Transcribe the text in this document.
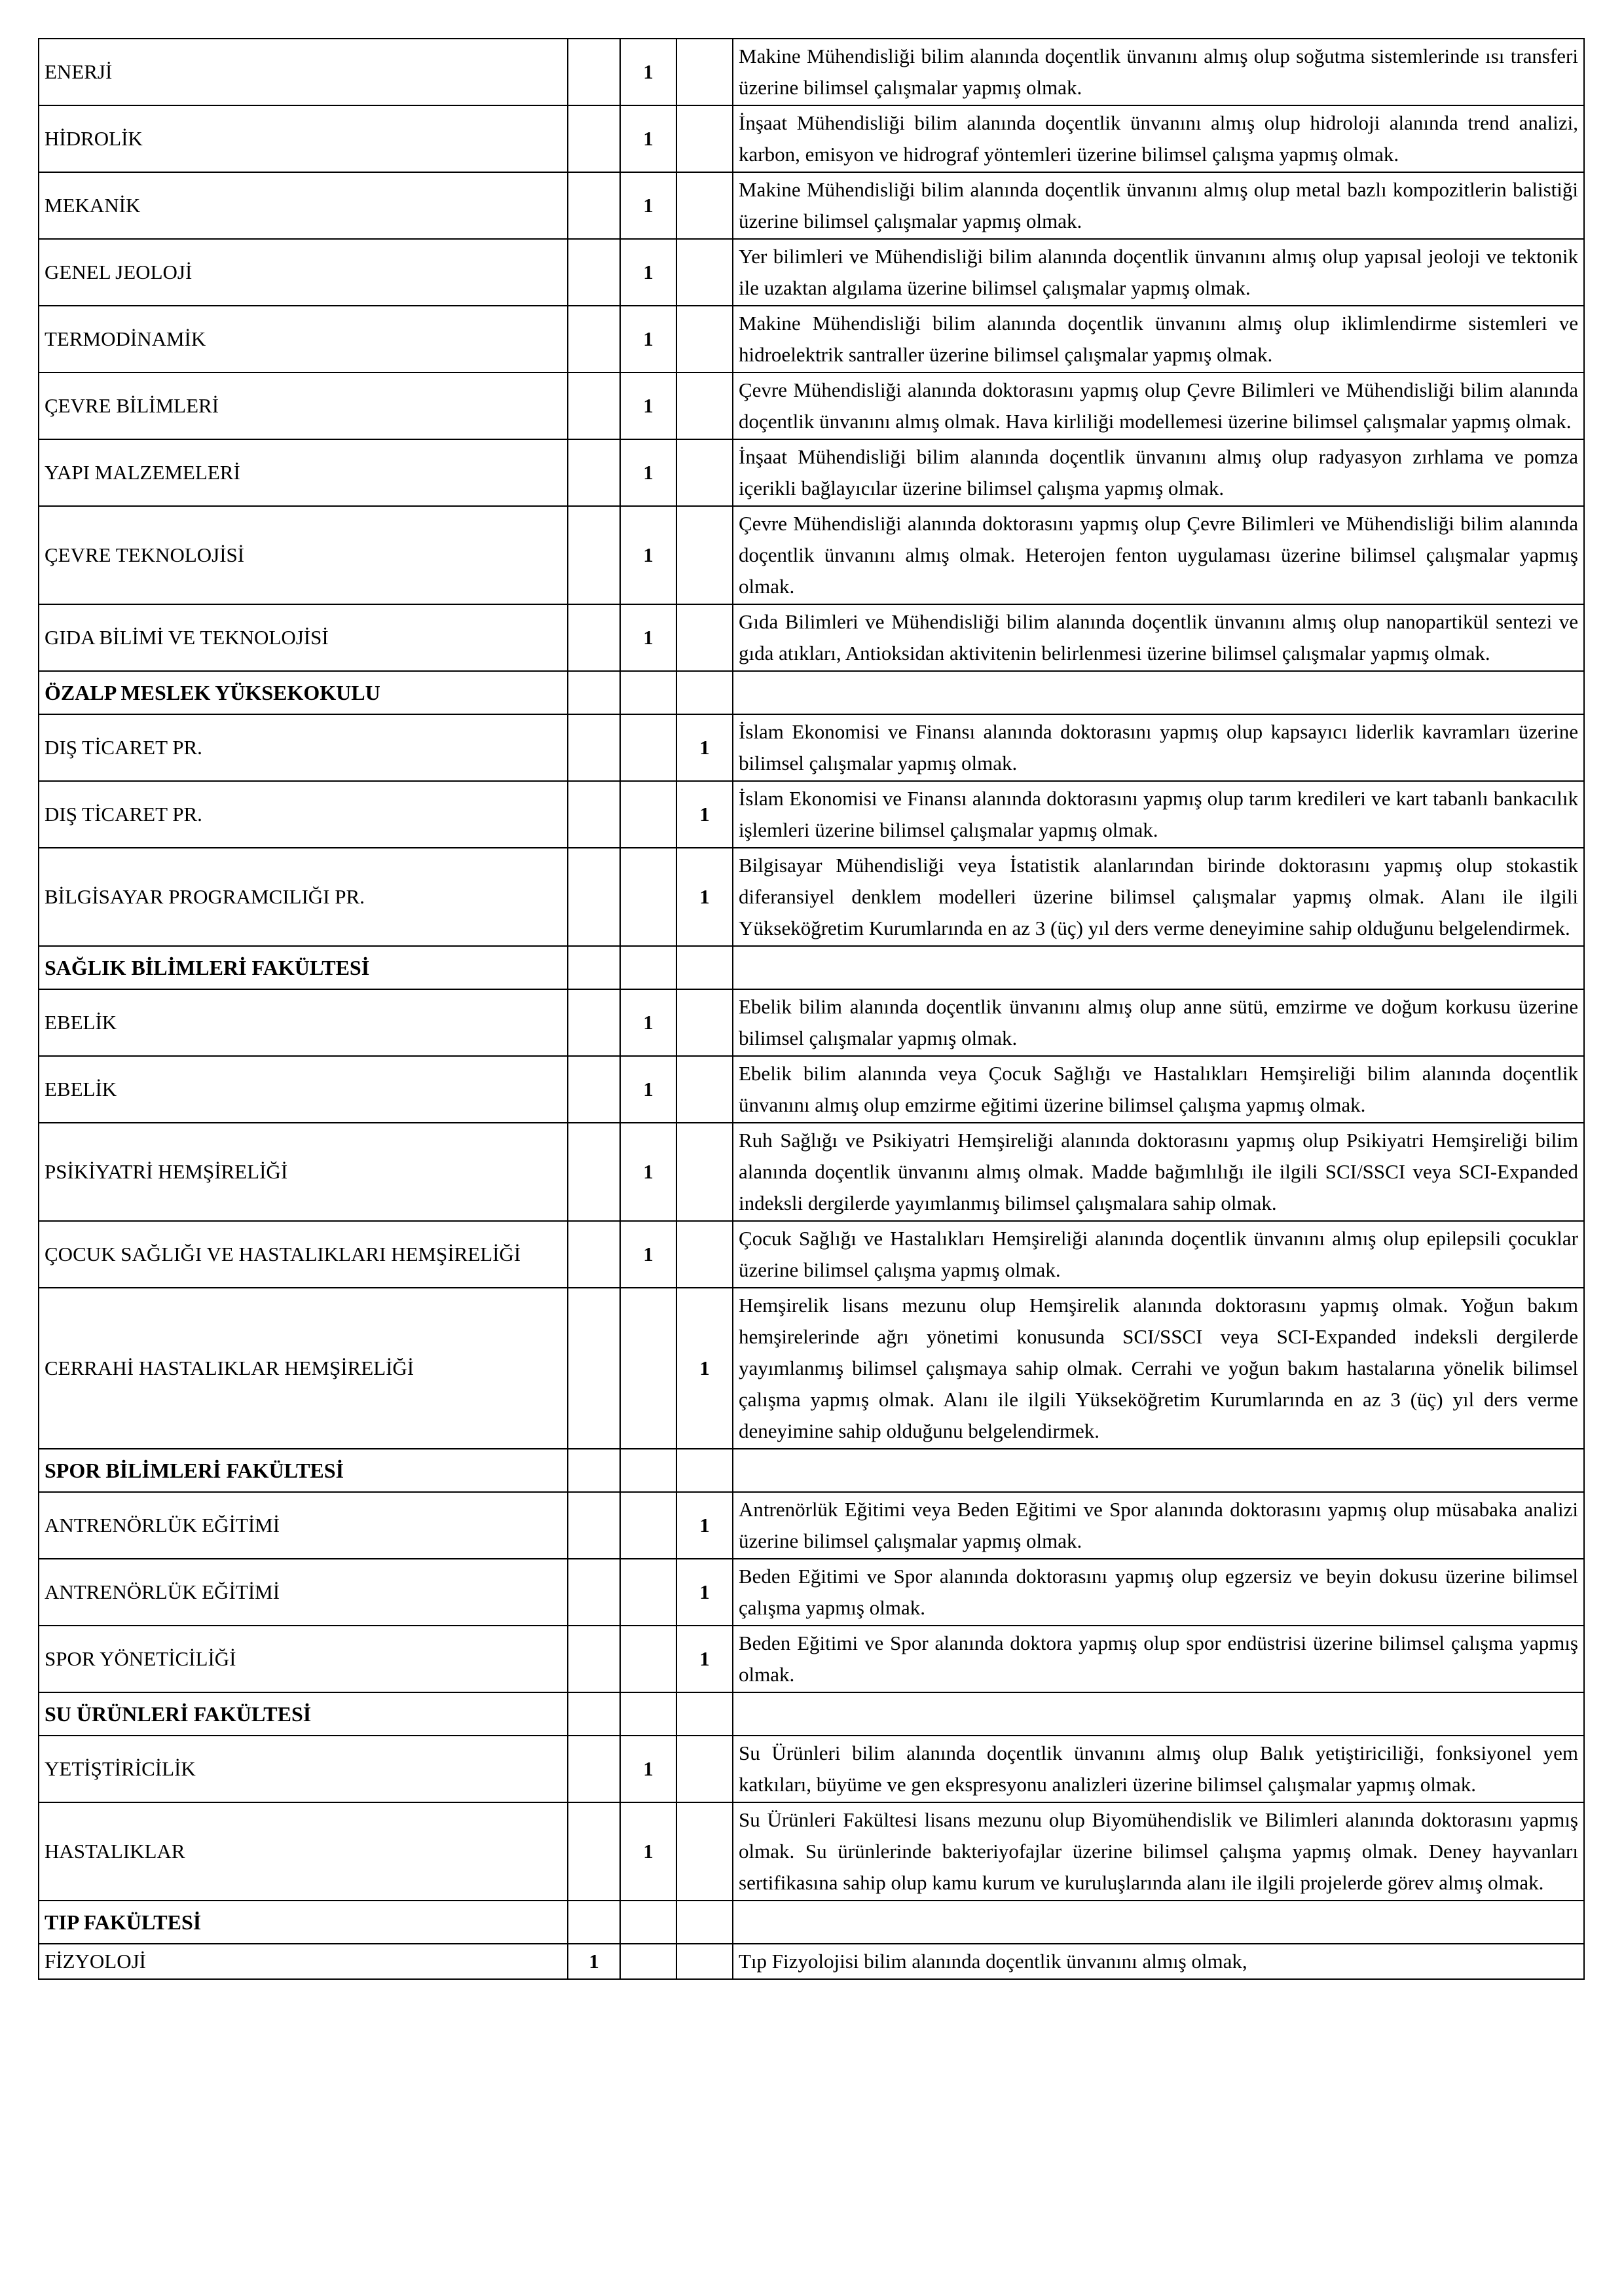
ENERJİ		1		Makine Mühendisliği bilim alanında doçentlik ünvanını almış olup soğutma sistemlerinde ısı transferi üzerine bilimsel çalışmalar yapmış olmak.
HİDROLİK		1		İnşaat Mühendisliği bilim alanında doçentlik ünvanını almış olup hidroloji alanında trend analizi, karbon, emisyon ve hidrograf yöntemleri üzerine bilimsel çalışma yapmış olmak.
MEKANİK		1		Makine Mühendisliği bilim alanında doçentlik ünvanını almış olup metal bazlı kompozitlerin balistiği üzerine bilimsel çalışmalar yapmış olmak.
GENEL JEOLOJİ		1		Yer bilimleri ve Mühendisliği bilim alanında doçentlik ünvanını almış olup yapısal jeoloji ve tektonik ile uzaktan algılama üzerine bilimsel çalışmalar yapmış olmak.
TERMODİNAMİK		1		Makine Mühendisliği bilim alanında doçentlik ünvanını almış olup iklimlendirme sistemleri ve hidroelektrik santraller üzerine bilimsel çalışmalar yapmış olmak.
ÇEVRE BİLİMLERİ		1		Çevre Mühendisliği alanında doktorasını yapmış olup Çevre Bilimleri ve Mühendisliği bilim alanında doçentlik ünvanını almış olmak. Hava kirliliği modellemesi üzerine bilimsel çalışmalar yapmış olmak.
YAPI MALZEMELERİ		1		İnşaat Mühendisliği bilim alanında doçentlik ünvanını almış olup radyasyon zırhlama ve pomza içerikli bağlayıcılar üzerine bilimsel çalışma yapmış olmak.
ÇEVRE TEKNOLOJİSİ		1		Çevre Mühendisliği alanında doktorasını yapmış olup Çevre Bilimleri ve Mühendisliği bilim alanında doçentlik ünvanını almış olmak. Heterojen fenton uygulaması üzerine bilimsel çalışmalar yapmış olmak.
GIDA BİLİMİ VE TEKNOLOJİSİ		1		Gıda Bilimleri ve Mühendisliği bilim alanında doçentlik ünvanını almış olup nanopartikül sentezi ve gıda atıkları, Antioksidan aktivitenin belirlenmesi üzerine bilimsel çalışmalar yapmış olmak.
ÖZALP MESLEK YÜKSEKOKULU				
DIŞ TİCARET PR.			1	İslam Ekonomisi ve Finansı alanında doktorasını yapmış olup kapsayıcı liderlik kavramları üzerine bilimsel çalışmalar yapmış olmak.
DIŞ TİCARET PR.			1	İslam Ekonomisi ve Finansı alanında doktorasını yapmış olup tarım kredileri ve kart tabanlı bankacılık işlemleri üzerine bilimsel çalışmalar yapmış olmak.
BİLGİSAYAR PROGRAMCILIĞI PR.			1	Bilgisayar Mühendisliği veya İstatistik alanlarından birinde doktorasını yapmış olup stokastik diferansiyel denklem modelleri üzerine bilimsel çalışmalar yapmış olmak. Alanı ile ilgili Yükseköğretim Kurumlarında en az 3 (üç) yıl ders verme deneyimine sahip olduğunu belgelendirmek.
SAĞLIK BİLİMLERİ FAKÜLTESİ				
EBELİK		1		Ebelik bilim alanında doçentlik ünvanını almış olup anne sütü, emzirme ve doğum korkusu üzerine bilimsel çalışmalar yapmış olmak.
EBELİK		1		Ebelik bilim alanında veya Çocuk Sağlığı ve Hastalıkları Hemşireliği bilim alanında doçentlik ünvanını almış olup emzirme eğitimi üzerine bilimsel çalışma yapmış olmak.
PSİKİYATRİ HEMŞİRELİĞİ		1		Ruh Sağlığı ve Psikiyatri Hemşireliği alanında doktorasını yapmış olup Psikiyatri Hemşireliği bilim alanında doçentlik ünvanını almış olmak. Madde bağımlılığı ile ilgili SCI/SSCI veya SCI-Expanded indeksli dergilerde yayımlanmış bilimsel çalışmalara sahip olmak.
ÇOCUK SAĞLIĞI VE HASTALIKLARI HEMŞİRELİĞİ		1		Çocuk Sağlığı ve Hastalıkları Hemşireliği alanında doçentlik ünvanını almış olup epilepsili çocuklar üzerine bilimsel çalışma yapmış olmak.
CERRAHİ HASTALIKLAR HEMŞİRELİĞİ			1	Hemşirelik lisans mezunu olup Hemşirelik alanında doktorasını yapmış olmak. Yoğun bakım hemşirelerinde ağrı yönetimi konusunda SCI/SSCI veya SCI-Expanded indeksli dergilerde yayımlanmış bilimsel çalışmaya sahip olmak. Cerrahi ve yoğun bakım hastalarına yönelik bilimsel çalışma yapmış olmak. Alanı ile ilgili Yükseköğretim Kurumlarında en az 3 (üç) yıl ders verme deneyimine sahip olduğunu belgelendirmek.
SPOR BİLİMLERİ FAKÜLTESİ				
ANTRENÖRLÜK EĞİTİMİ			1	Antrenörlük Eğitimi veya Beden Eğitimi ve Spor alanında doktorasını yapmış olup müsabaka analizi üzerine bilimsel çalışmalar yapmış olmak.
ANTRENÖRLÜK EĞİTİMİ			1	Beden Eğitimi ve Spor alanında doktorasını yapmış olup egzersiz ve beyin dokusu üzerine bilimsel çalışma yapmış olmak.
SPOR YÖNETİCİLİĞİ			1	Beden Eğitimi ve Spor alanında doktora yapmış olup spor endüstrisi üzerine bilimsel çalışma yapmış olmak.
SU ÜRÜNLERİ FAKÜLTESİ				
YETİŞTİRİCİLİK		1		Su Ürünleri bilim alanında doçentlik ünvanını almış olup Balık yetiştiriciliği, fonksiyonel yem katkıları, büyüme ve gen ekspresyonu analizleri üzerine bilimsel çalışmalar yapmış olmak.
HASTALIKLAR		1		Su Ürünleri Fakültesi lisans mezunu olup Biyomühendislik ve Bilimleri alanında doktorasını yapmış olmak. Su ürünlerinde bakteriyofajlar üzerine bilimsel çalışma yapmış olmak. Deney hayvanları sertifikasına sahip olup kamu kurum ve kuruluşlarında alanı ile ilgili projelerde görev almış olmak.
TIP FAKÜLTESİ				
FİZYOLOJİ	1			Tıp Fizyolojisi bilim alanında doçentlik ünvanını almış olmak,
